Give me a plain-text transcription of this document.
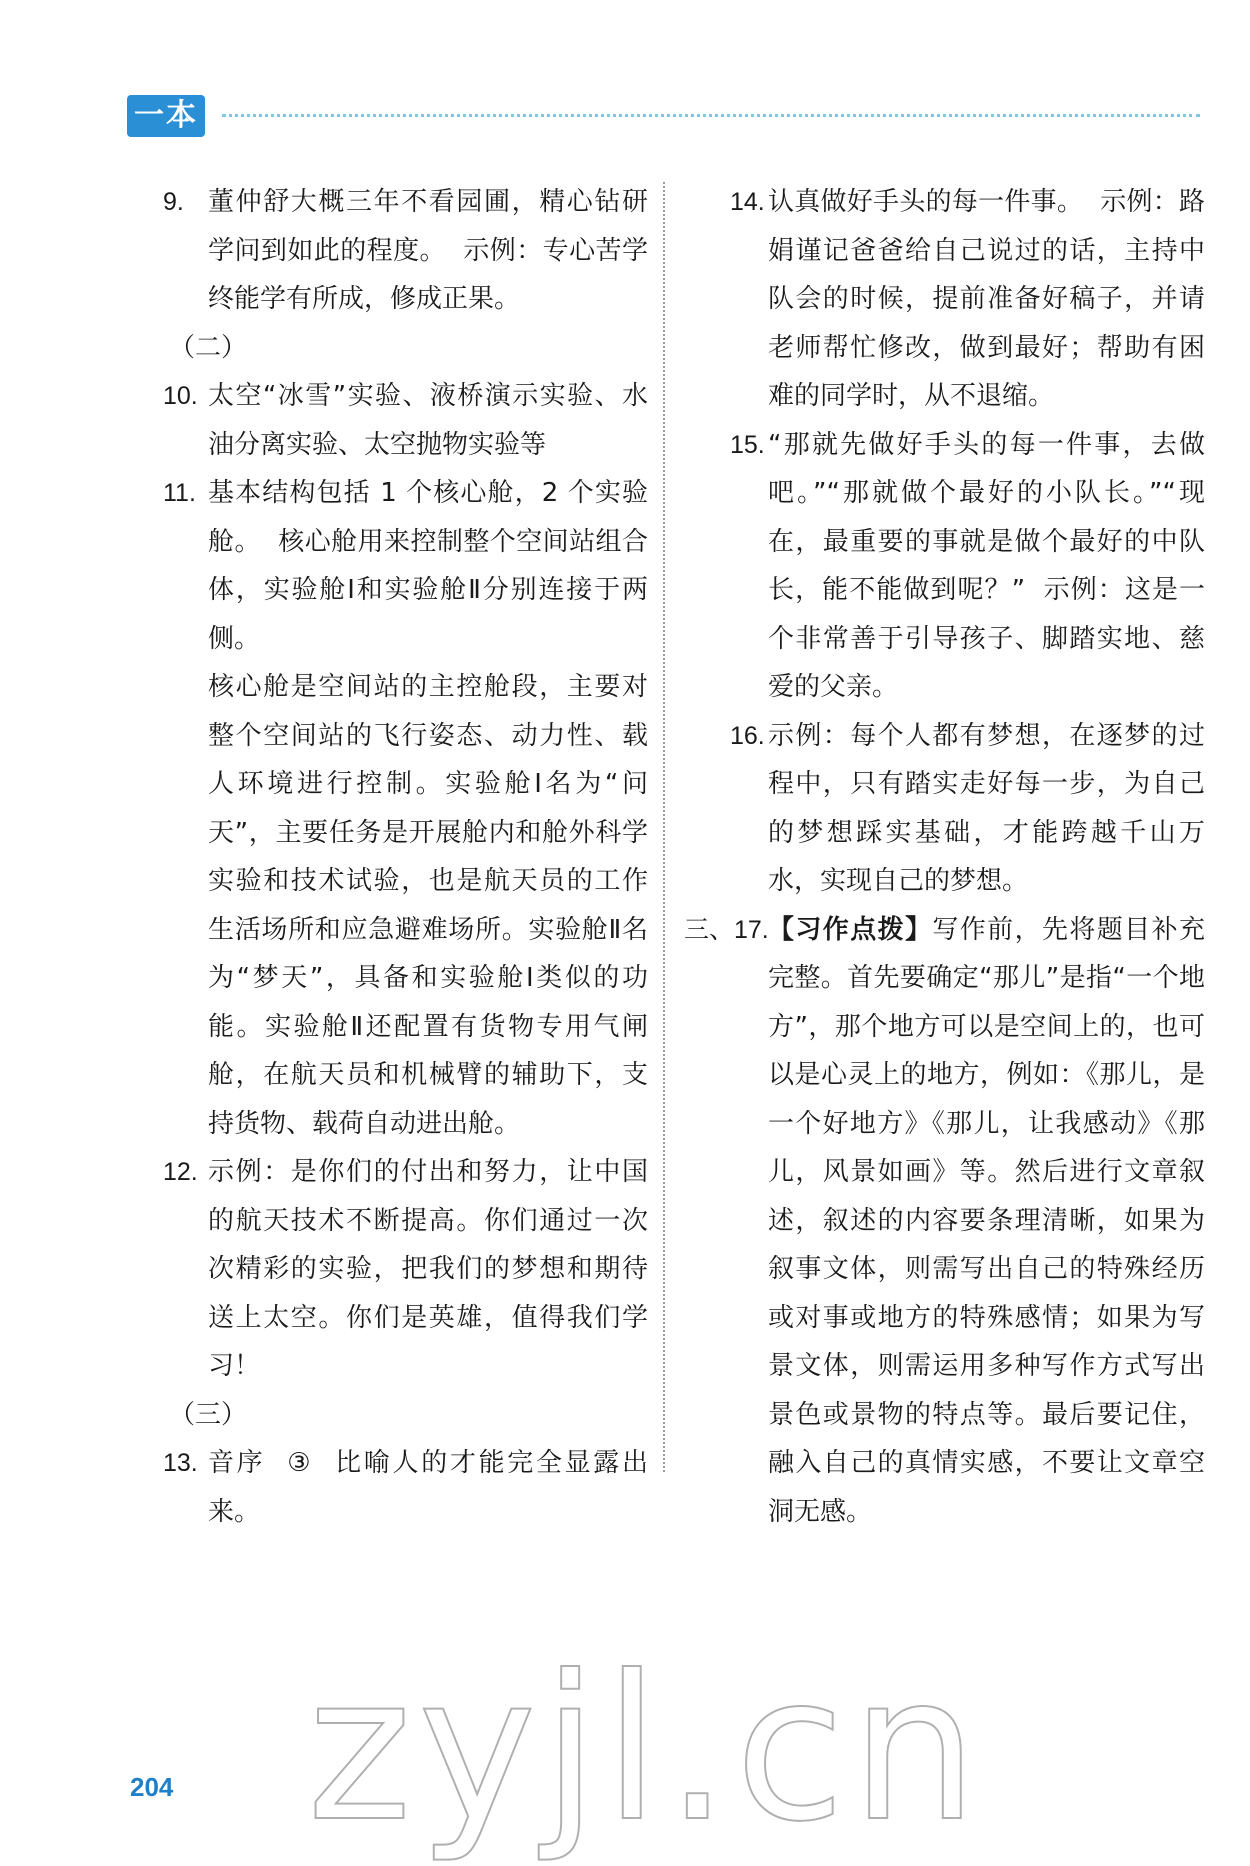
一本
9. 董仲舒大概三年不看园圃，精心钻研学问到如此的程度。  示例：专心苦学终能学有所成，修成正果。
（二）
10. 太空“冰雪”实验、液桥演示实验、水油分离实验、太空抛物实验等
11. 基本结构包括 1 个核心舱，2 个实验舱。  核心舱用来控制整个空间站组合体，实验舱Ⅰ和实验舱Ⅱ分别连接于两侧。
核心舱是空间站的主控舱段，主要对整个空间站的飞行姿态、动力性、载人环境进行控制。实验舱Ⅰ名为“问天”，主要任务是开展舱内和舱外科学实验和技术试验，也是航天员的工作生活场所和应急避难场所。实验舱Ⅱ名为“梦天”，具备和实验舱Ⅰ类似的功能。实验舱Ⅱ还配置有货物专用气闸舱，在航天员和机械臂的辅助下，支持货物、载荷自动进出舱。
12. 示例：是你们的付出和努力，让中国的航天技术不断提高。你们通过一次次精彩的实验，把我们的梦想和期待送上太空。你们是英雄，值得我们学习！
（三）
13. 音序  ③  比喻人的才能完全显露出来。
14. 认真做好手头的每一件事。  示例：路娟谨记爸爸给自己说过的话，主持中队会的时候，提前准备好稿子，并请老师帮忙修改，做到最好；帮助有困难的同学时，从不退缩。
15. “那就先做好手头的每一件事，去做吧。”“那就做个最好的小队长。”“现在，最重要的事就是做个最好的中队长，能不能做到呢？”  示例：这是一个非常善于引导孩子、脚踏实地、慈爱的父亲。
16. 示例：每个人都有梦想，在逐梦的过程中，只有踏实走好每一步，为自己的梦想踩实基础，才能跨越千山万水，实现自己的梦想。
三、17. 【习作点拨】写作前，先将题目补充完整。首先要确定“那儿”是指“一个地方”，那个地方可以是空间上的，也可以是心灵上的地方，例如：《那儿，是一个好地方》《那儿，让我感动》《那儿，风景如画》等。然后进行文章叙述，叙述的内容要条理清晰，如果为叙事文体，则需写出自己的特殊经历或对事或地方的特殊感情；如果为写景文体，则需运用多种写作方式写出景色或景物的特点等。最后要记住，融入自己的真情实感，不要让文章空洞无感。
zyjl.cn
204
